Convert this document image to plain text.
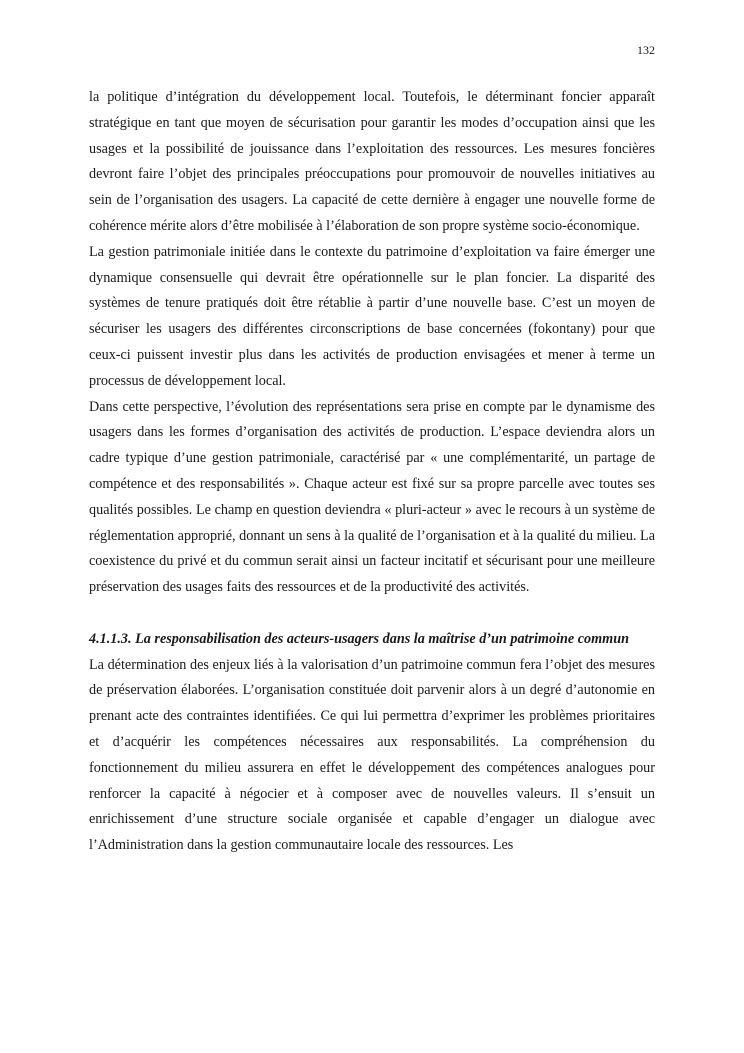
132

la politique d’intégration du développement local. Toutefois, le déterminant foncier apparaît stratégique en tant que moyen de sécurisation pour garantir les modes d’occupation ainsi que les usages et la possibilité de jouissance dans l’exploitation des ressources. Les mesures foncières devront faire l’objet des principales préoccupations pour promouvoir de nouvelles initiatives au sein de l’organisation des usagers. La capacité de cette dernière à engager une nouvelle forme de cohérence mérite alors d’être mobilisée à l’élaboration de son propre système socio-économique.

La gestion patrimoniale initiée dans le contexte du patrimoine d’exploitation va faire émerger une dynamique consensuelle qui devrait être opérationnelle sur le plan foncier. La disparité des systèmes de tenure pratiqués doit être rétablie à partir d’une nouvelle base. C’est un moyen de sécuriser les usagers des différentes circonscriptions de base concernées (fokontany) pour que ceux-ci puissent investir plus dans les activités de production envisagées et mener à terme un processus de développement local.

Dans cette perspective, l’évolution des représentations sera prise en compte par le dynamisme des usagers dans les formes d’organisation des activités de production. L’espace deviendra alors un cadre typique d’une gestion patrimoniale, caractérisé par « une complémentarité, un partage de compétence et des responsabilités ». Chaque acteur est fixé sur sa propre parcelle avec toutes ses qualités possibles. Le champ en question deviendra « pluri-acteur » avec le recours à un système de réglementation approprié, donnant un sens à la qualité de l’organisation et à la qualité du milieu. La coexistence du privé et du commun serait ainsi un facteur incitatif et sécurisant pour une meilleure préservation des usages faits des ressources et de la productivité des activités.

4.1.1.3. La responsabilisation des acteurs-usagers dans la maîtrise d’un patrimoine commun

La détermination des enjeux liés à la valorisation d’un patrimoine commun fera l’objet des mesures de préservation élaborées. L’organisation constituée doit parvenir alors à un degré d’autonomie en prenant acte des contraintes identifiées. Ce qui lui permettra d’exprimer les problèmes prioritaires et d’acquérir les compétences nécessaires aux responsabilités. La compréhension du fonctionnement du milieu assurera en effet le développement des compétences analogues pour renforcer la capacité à négocier et à composer avec de nouvelles valeurs. Il s’ensuit un enrichissement d’une structure sociale organisée et capable d’engager un dialogue avec l’Administration dans la gestion communautaire locale des ressources. Les
